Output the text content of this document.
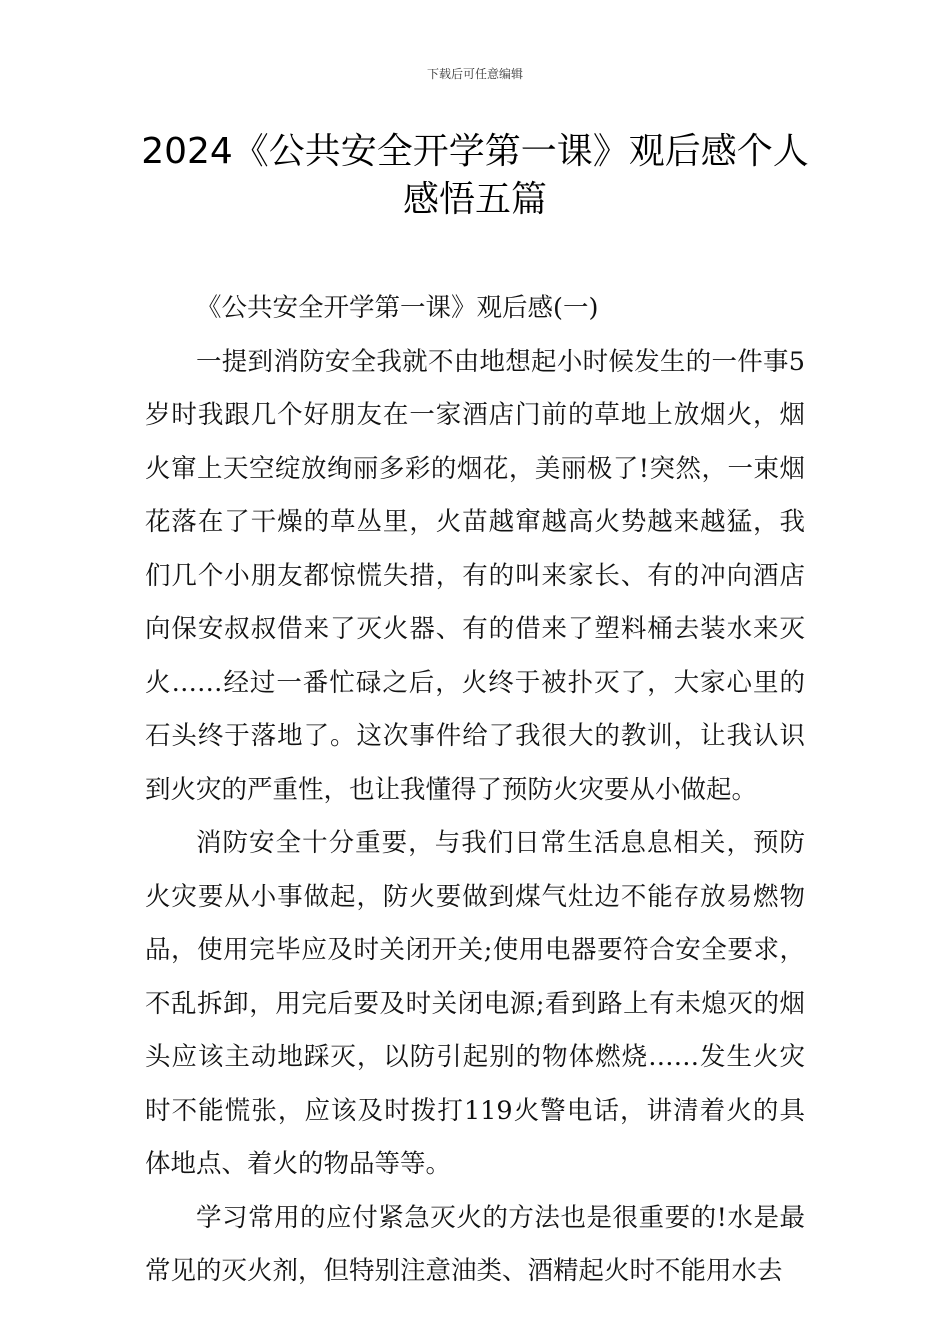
下载后可任意编辑
2024《公共安全开学第一课》观后感个人
感悟五篇

《公共安全开学第一课》观后感(一)

一提到消防安全我就不由地想起小时候发生的一件事5岁时我跟几个好朋友在一家酒店门前的草地上放烟火，烟火窜上天空绽放绚丽多彩的烟花，美丽极了!突然，一束烟花落在了干燥的草丛里，火苗越窜越高火势越来越猛，我们几个小朋友都惊慌失措，有的叫来家长、有的冲向酒店向保安叔叔借来了灭火器、有的借来了塑料桶去装水来灭火……经过一番忙碌之后，火终于被扑灭了，大家心里的石头终于落地了。这次事件给了我很大的教训，让我认识到火灾的严重性，也让我懂得了预防火灾要从小做起。

消防安全十分重要，与我们日常生活息息相关，预防火灾要从小事做起，防火要做到煤气灶边不能存放易燃物品，使用完毕应及时关闭开关;使用电器要符合安全要求，不乱拆卸，用完后要及时关闭电源;看到路上有未熄灭的烟头应该主动地踩灭，以防引起别的物体燃烧……发生火灾时不能慌张，应该及时拨打119火警电话，讲清着火的具体地点、着火的物品等等。

学习常用的应付紧急灭火的方法也是很重要的!水是最常见的灭火剂，但特别注意油类、酒精起火时不能用水去
